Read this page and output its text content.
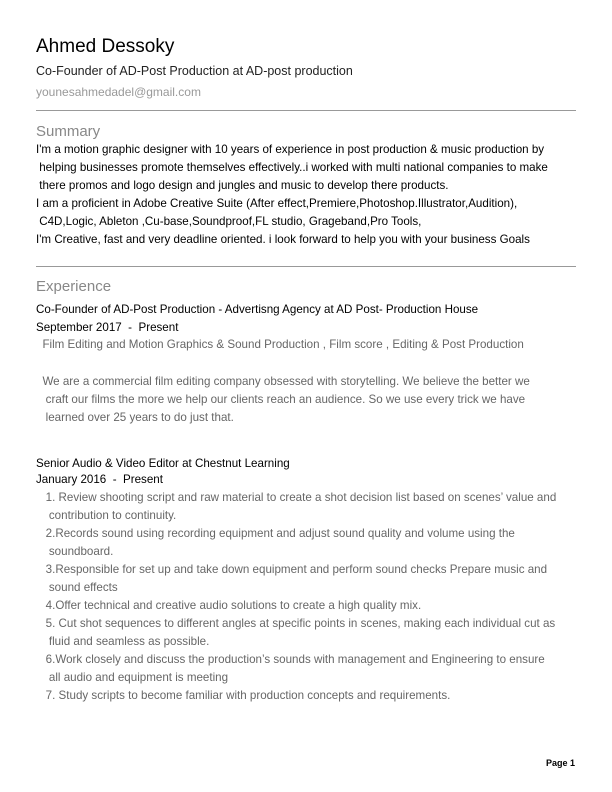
Ahmed Dessoky
Co-Founder of AD-Post Production at AD-post production
younesahmedadel@gmail.com
Summary
I'm a motion graphic designer with 10 years of experience in post production & music production by
helping businesses promote themselves effectively..i worked with multi national companies to make
there promos and logo design and jungles and music to develop there products.
I am a proficient in Adobe Creative Suite (After effect,Premiere,Photoshop.Illustrator,Audition),
C4D,Logic, Ableton ,Cu-base,Soundproof,FL studio, Grageband,Pro Tools,
I'm Creative, fast and very deadline oriented. i look forward to help you with your business Goals
Experience
Co-Founder of AD-Post Production - Advertisng Agency at AD Post- Production House
September 2017  -  Present
Film Editing and Motion Graphics & Sound Production , Film score , Editing & Post Production
We are a commercial film editing company obsessed with storytelling. We believe the better we
craft our films the more we help our clients reach an audience. So we use every trick we have
learned over 25 years to do just that.
Senior Audio & Video Editor at Chestnut Learning
January 2016  -  Present
1. Review shooting script and raw material to create a shot decision list based on scenes’ value and
contribution to continuity.
2.Records sound using recording equipment and adjust sound quality and volume using the
soundboard.
3.Responsible for set up and take down equipment and perform sound checks Prepare music and
sound effects
4.Offer technical and creative audio solutions to create a high quality mix.
5. Cut shot sequences to different angles at specific points in scenes, making each individual cut as
fluid and seamless as possible.
6.Work closely and discuss the production’s sounds with management and Engineering to ensure
all audio and equipment is meeting
7. Study scripts to become familiar with production concepts and requirements.
Page 1
